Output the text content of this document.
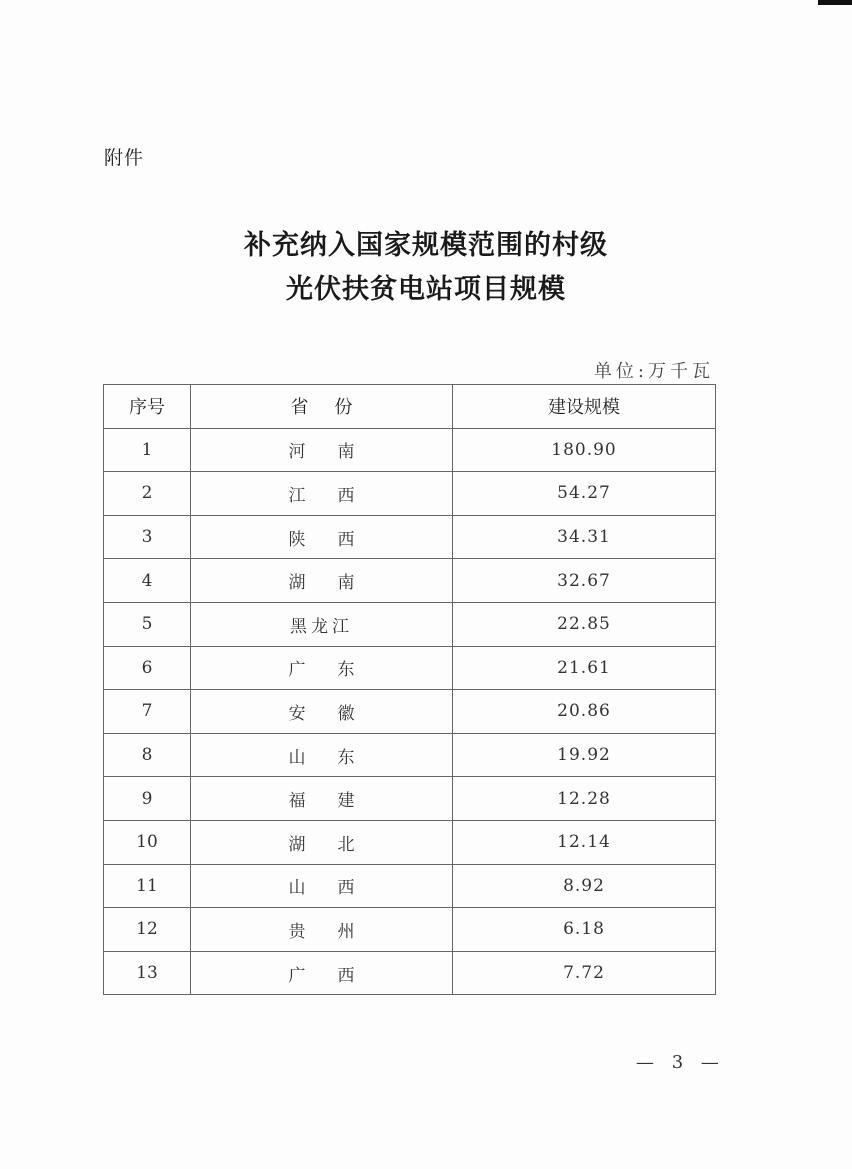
附件
补充纳入国家规模范围的村级
光伏扶贫电站项目规模
单位:万千瓦
序号	省份	建设规模
1	河南	180.90
2	江西	54.27
3	陕西	34.31
4	湖南	32.67
5	黑龙江	22.85
6	广东	21.61
7	安徽	20.86
8	山东	19.92
9	福建	12.28
10	湖北	12.14
11	山西	8.92
12	贵州	6.18
13	广西	7.72
— 3 —
